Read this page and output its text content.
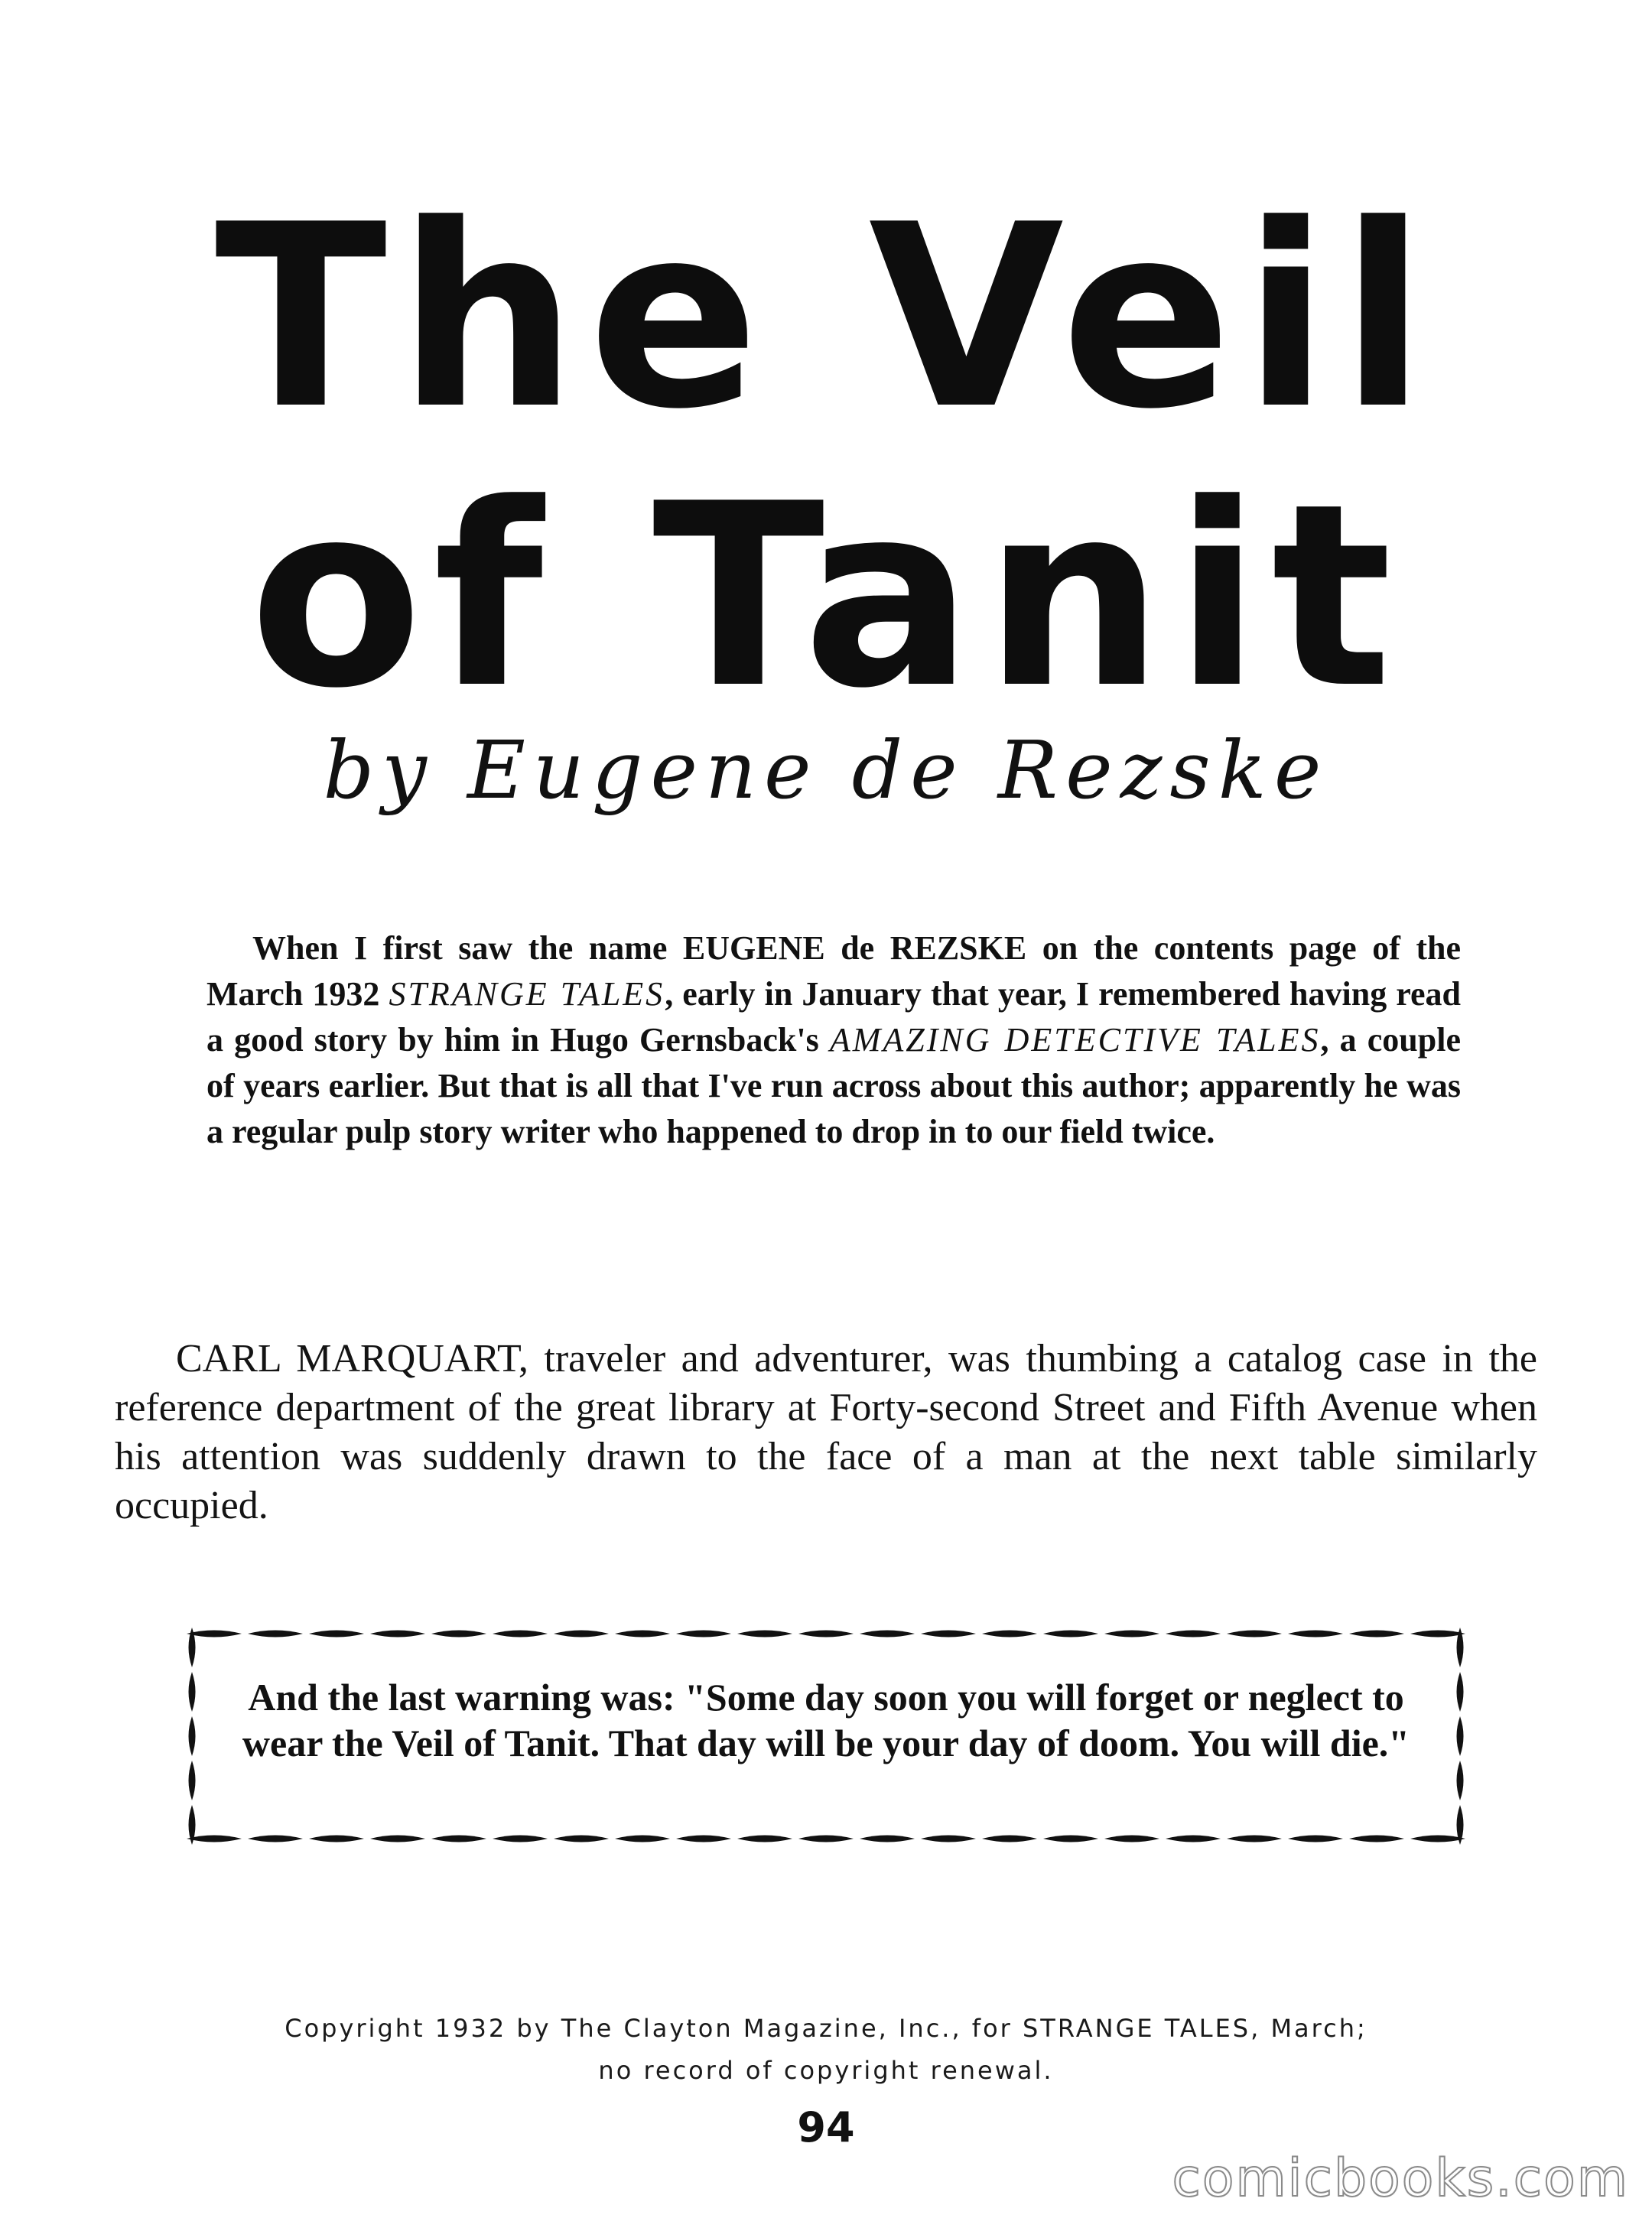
The Veil
of Tanit
by Eugene de Rezske

When I first saw the name EUGENE de REZSKE on the contents page of the March 1932 STRANGE TALES, early in January that year, I remembered having read a good story by him in Hugo Gernsback's AMAZING DETECTIVE TALES, a couple of years earlier. But that is all that I've run across about this author; apparently he was a regular pulp story writer who happened to drop in to our field twice.

CARL MARQUART, traveler and adventurer, was thumbing a catalog case in the reference department of the great library at Forty-second Street and Fifth Avenue when his attention was suddenly drawn to the face of a man at the next table similarly occupied.

And the last warning was: "Some day soon you will forget or neglect to wear the Veil of Tanit. That day will be your day of doom. You will die."

Copyright 1932 by The Clayton Magazine, Inc., for STRANGE TALES, March;
no record of copyright renewal.
94
comicbooks.com
